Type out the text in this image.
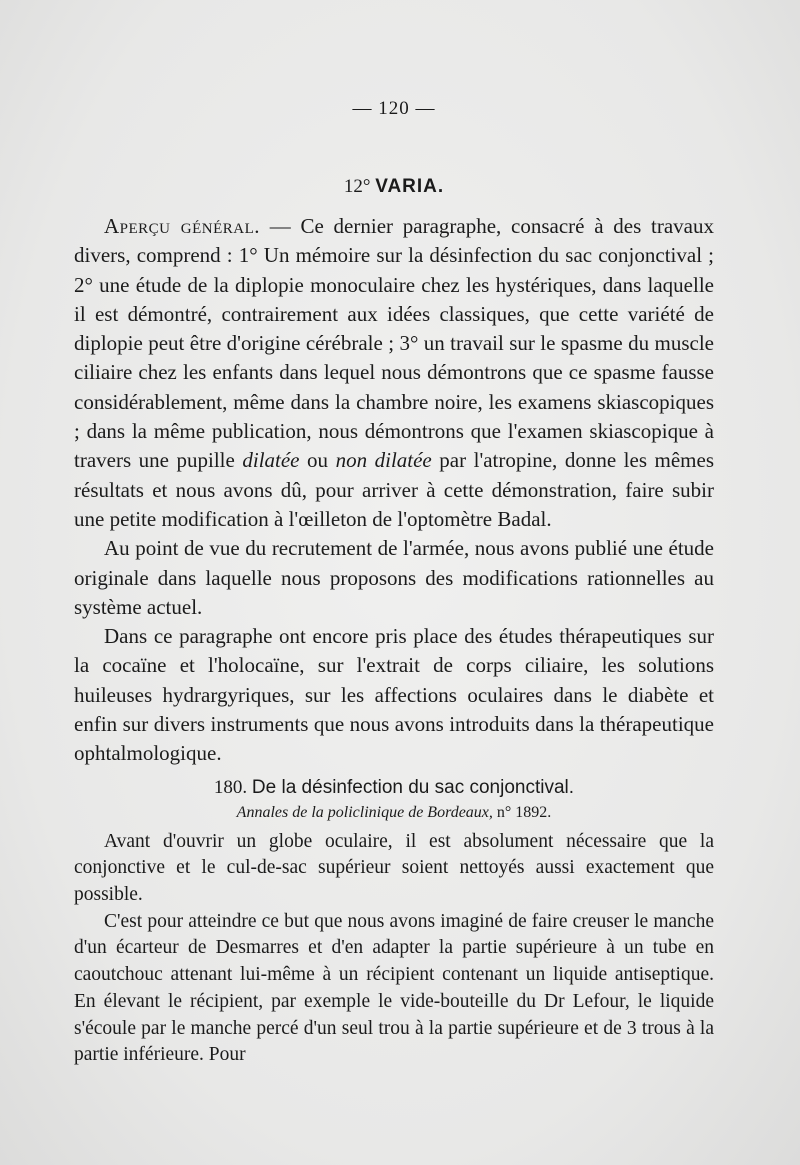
— 120 —
12° VARIA.

Aperçu général. — Ce dernier paragraphe, consacré à des travaux divers, comprend : 1° Un mémoire sur la désinfection du sac conjonctival ; 2° une étude de la diplopie monoculaire chez les hystériques, dans laquelle il est démontré, contrairement aux idées classiques, que cette variété de diplopie peut être d'origine cérébrale ; 3° un travail sur le spasme du muscle ciliaire chez les enfants dans lequel nous démontrons que ce spasme fausse considérablement, même dans la chambre noire, les examens skiascopiques ; dans la même publication, nous démontrons que l'examen skiascopique à travers une pupille dilatée ou non dilatée par l'atropine, donne les mêmes résultats et nous avons dû, pour arriver à cette démonstration, faire subir une petite modification à l'œilleton de l'optomètre Badal.

Au point de vue du recrutement de l'armée, nous avons publié une étude originale dans laquelle nous proposons des modifications rationnelles au système actuel.

Dans ce paragraphe ont encore pris place des études thérapeutiques sur la cocaïne et l'holocaïne, sur l'extrait de corps ciliaire, les solutions huileuses hydrargyriques, sur les affections oculaires dans le diabète et enfin sur divers instruments que nous avons introduits dans la thérapeutique ophtalmologique.

180. De la désinfection du sac conjonctival.
Annales de la policlinique de Bordeaux, n° 1892.

Avant d'ouvrir un globe oculaire, il est absolument nécessaire que la conjonctive et le cul-de-sac supérieur soient nettoyés aussi exactement que possible.

C'est pour atteindre ce but que nous avons imaginé de faire creuser le manche d'un écarteur de Desmarres et d'en adapter la partie supérieure à un tube en caoutchouc attenant lui-même à un récipient contenant un liquide antiseptique. En élevant le récipient, par exemple le vide-bouteille du Dr Lefour, le liquide s'écoule par le manche percé d'un seul trou à la partie supérieure et de 3 trous à la partie inférieure. Pour
